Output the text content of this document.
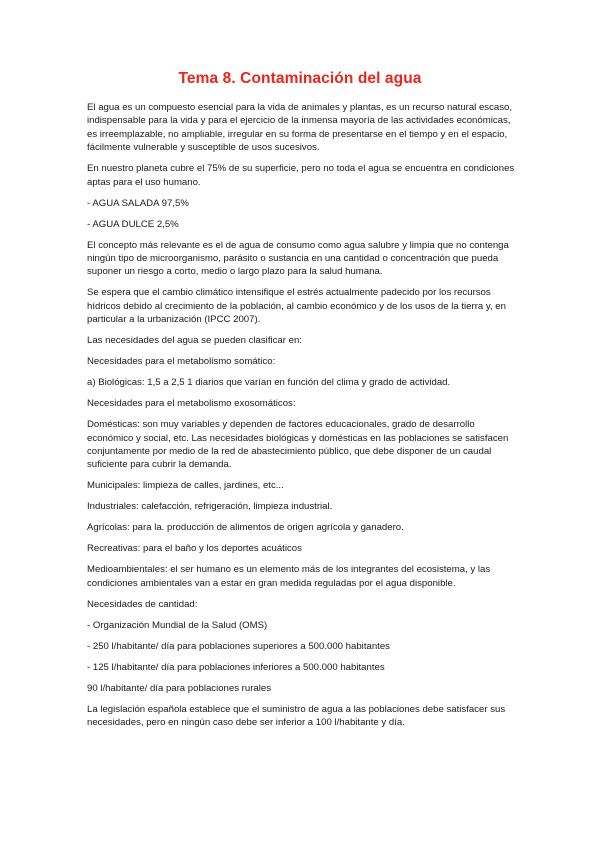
Tema 8. Contaminación del agua

El agua es un compuesto esencial para la vida de animales y plantas, es un recurso natural escaso, indispensable para la vida y para el ejercicio de la inmensa mayoría de las actividades económicas, es irreemplazable, no ampliable, irregular en su forma de presentarse en el tiempo y en el espacio, fácilmente vulnerable y susceptible de usos sucesivos.

En nuestro planeta cubre el 75% de su superficie, pero no toda el agua se encuentra en condiciones aptas para el uso humano.

- AGUA SALADA 97,5%

- AGUA DULCE 2,5%

El concepto más relevante es el de agua de consumo como agua salubre y limpia que no contenga ningún tipo de microorganismo, parásito o sustancia en una cantidad o concentración que pueda suponer un riesgo a corto, medio o largo plazo para la salud humana.

Se espera que el cambio climático intensifique el estrés actualmente padecido por los recursos hídricos debido al crecimiento de la población, al cambio económico y de los usos de la tierra y, en particular a la urbanización (IPCC 2007).

Las necesidades del agua se pueden clasificar en:

Necesidades para el metabolismo somático:

a) Biológicas: 1,5 a 2,5 1 diarios que varían en función del clima y grado de actividad.

Necesidades para el metabolismo exosomáticos:

Domésticas: son muy variables y dependen de factores educacionales, grado de desarrollo económico y social, etc. Las necesidades biológicas y domésticas en las poblaciones se satisfacen conjuntamente por medio de la red de abastecimiento público, que debe disponer de un caudal suficiente para cubrir la demanda.

Municipales: limpieza de calles, jardines, etc...

Industriales: calefacción, refrigeración, limpieza industrial.

Agrícolas: para la. producción de alimentos de origen agrícola y ganadero.

Recreativas: para el baño y los deportes acuáticos

Medioambientales: el ser humano es un elemento más de los integrantes del ecosistema, y las condiciones ambientales van a estar en gran medida reguladas por el agua disponible.

Necesidades de cantidad:

- Organización Mundial de la Salud (OMS)

- 250 l/habitante/ día para poblaciones superiores a 500.000 habitantes

- 125 l/habitante/ día para poblaciones inferiores a 500.000 habitantes

90 l/habitante/ día para poblaciones rurales

La legislación española establece que el suministro de agua a las poblaciones debe satisfacer sus necesidades, pero en ningún caso debe ser inferior a 100 l/habitante y día.
